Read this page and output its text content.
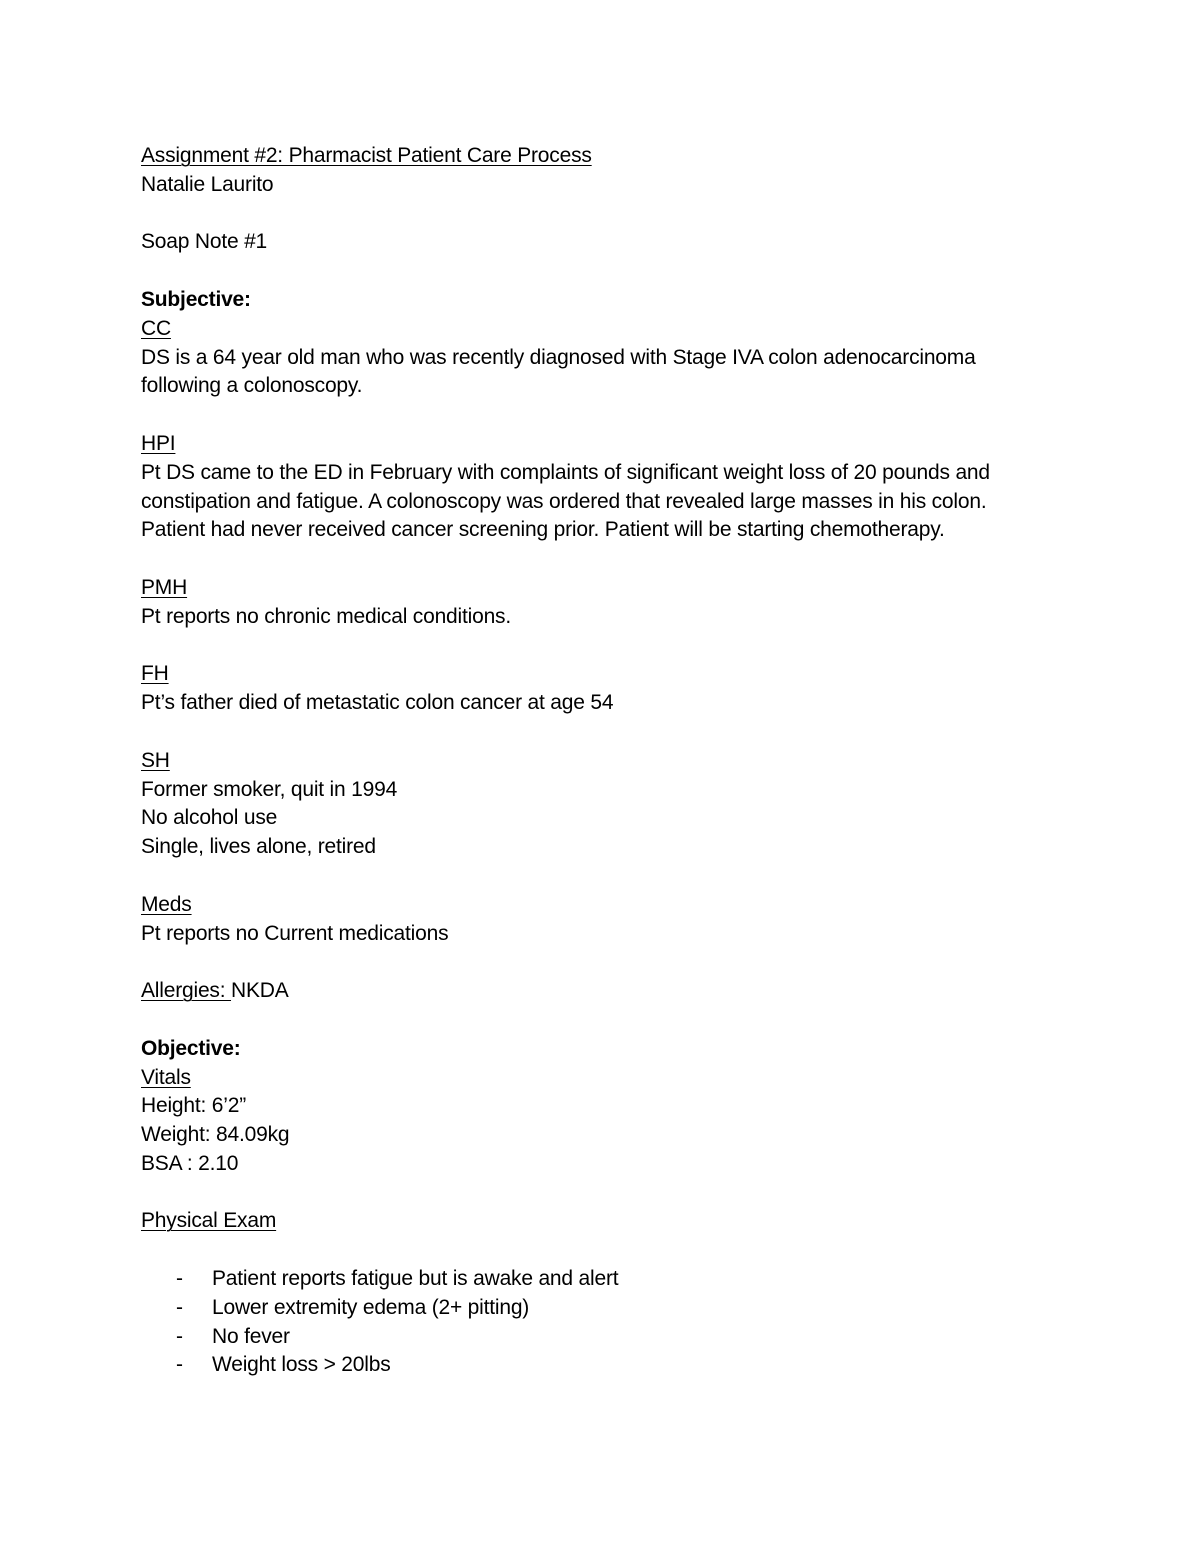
Assignment #2: Pharmacist Patient Care Process

Natalie Laurito

Soap Note #1

Subjective:

CC

DS is a 64 year old man who was recently diagnosed with Stage IVA colon adenocarcinoma

following a colonoscopy.

HPI

Pt DS came to the ED in February with complaints of significant weight loss of 20 pounds and

constipation and fatigue. A colonoscopy was ordered that revealed large masses in his colon.

Patient had never received cancer screening prior. Patient will be starting chemotherapy.

PMH

Pt reports no chronic medical conditions.

FH

Pt’s father died of metastatic colon cancer at age 54

SH

Former smoker, quit in 1994

No alcohol use

Single, lives alone, retired

Meds

Pt reports no Current medications

Allergies: NKDA

Objective:

Vitals

Height: 6’2”

Weight: 84.09kg

BSA : 2.10

Physical Exam

- Patient reports fatigue but is awake and alert
- Lower extremity edema (2+ pitting)
- No fever
- Weight loss > 20lbs
